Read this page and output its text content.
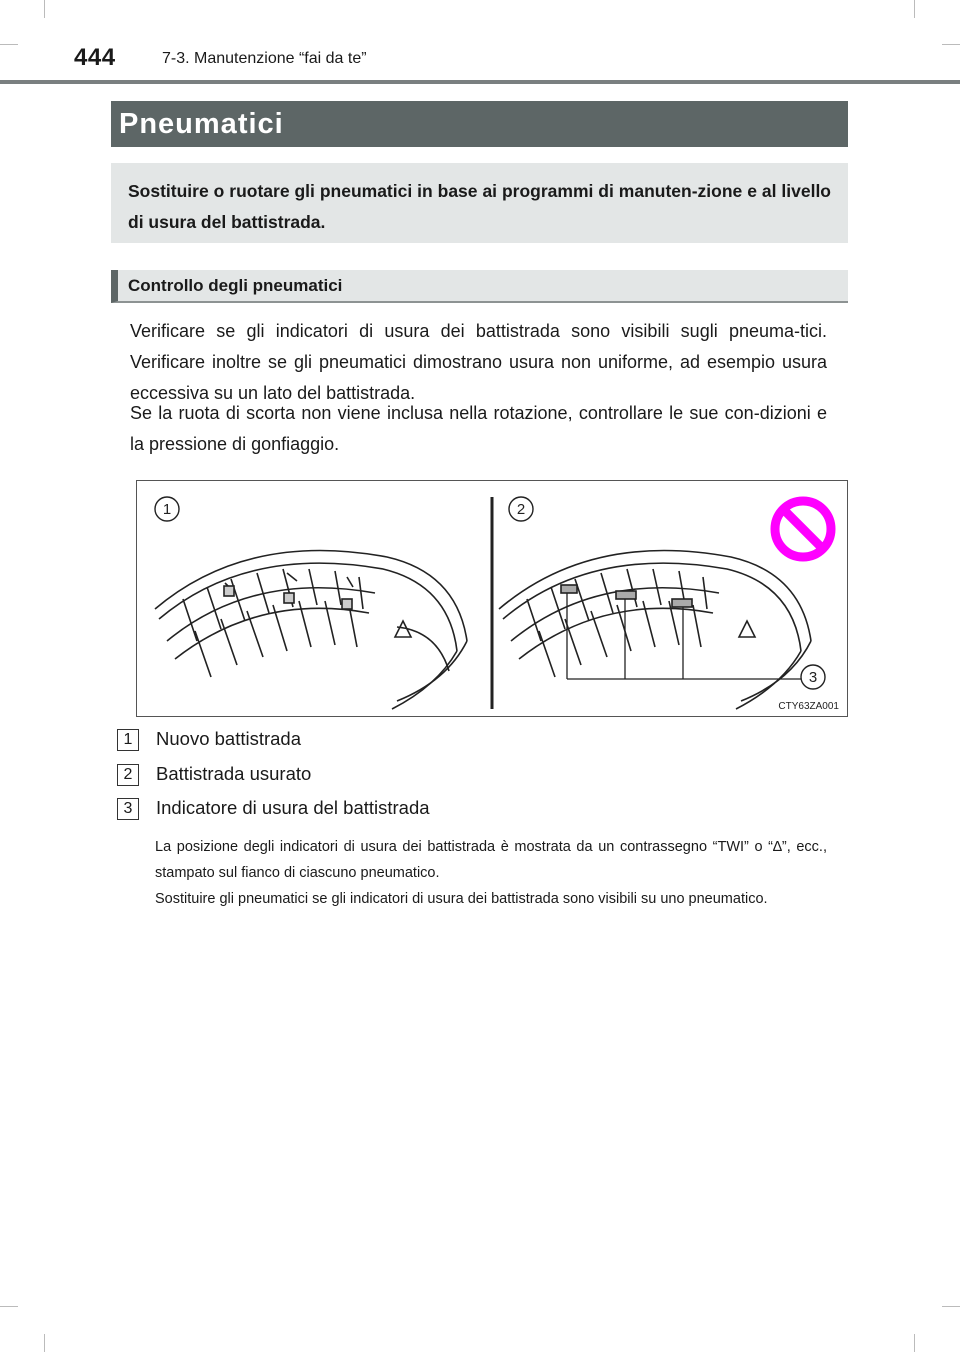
444	7-3. Manutenzione “fai da te”
Pneumatici
Sostituire o ruotare gli pneumatici in base ai programmi di manuten-zione e al livello di usura del battistrada.
Controllo degli pneumatici

Verificare se gli indicatori di usura dei battistrada sono visibili sugli pneuma-tici. Verificare inoltre se gli pneumatici dimostrano usura non uniforme, ad esempio usura eccessiva su un lato del battistrada.

Se la ruota di scorta non viene inclusa nella rotazione, controllare le sue con-dizioni e la pressione di gonfiaggio.

1	2
3
CTY63ZA001
1	Nuovo battistrada
2	Battistrada usurato
3	Indicatore di usura del battistrada

La posizione degli indicatori di usura dei battistrada è mostrata da un contrassegno “TWI” o “∆”, ecc., stampato sul fianco di ciascuno pneumatico.

Sostituire gli pneumatici se gli indicatori di usura dei battistrada sono visibili su uno pneumatico.
